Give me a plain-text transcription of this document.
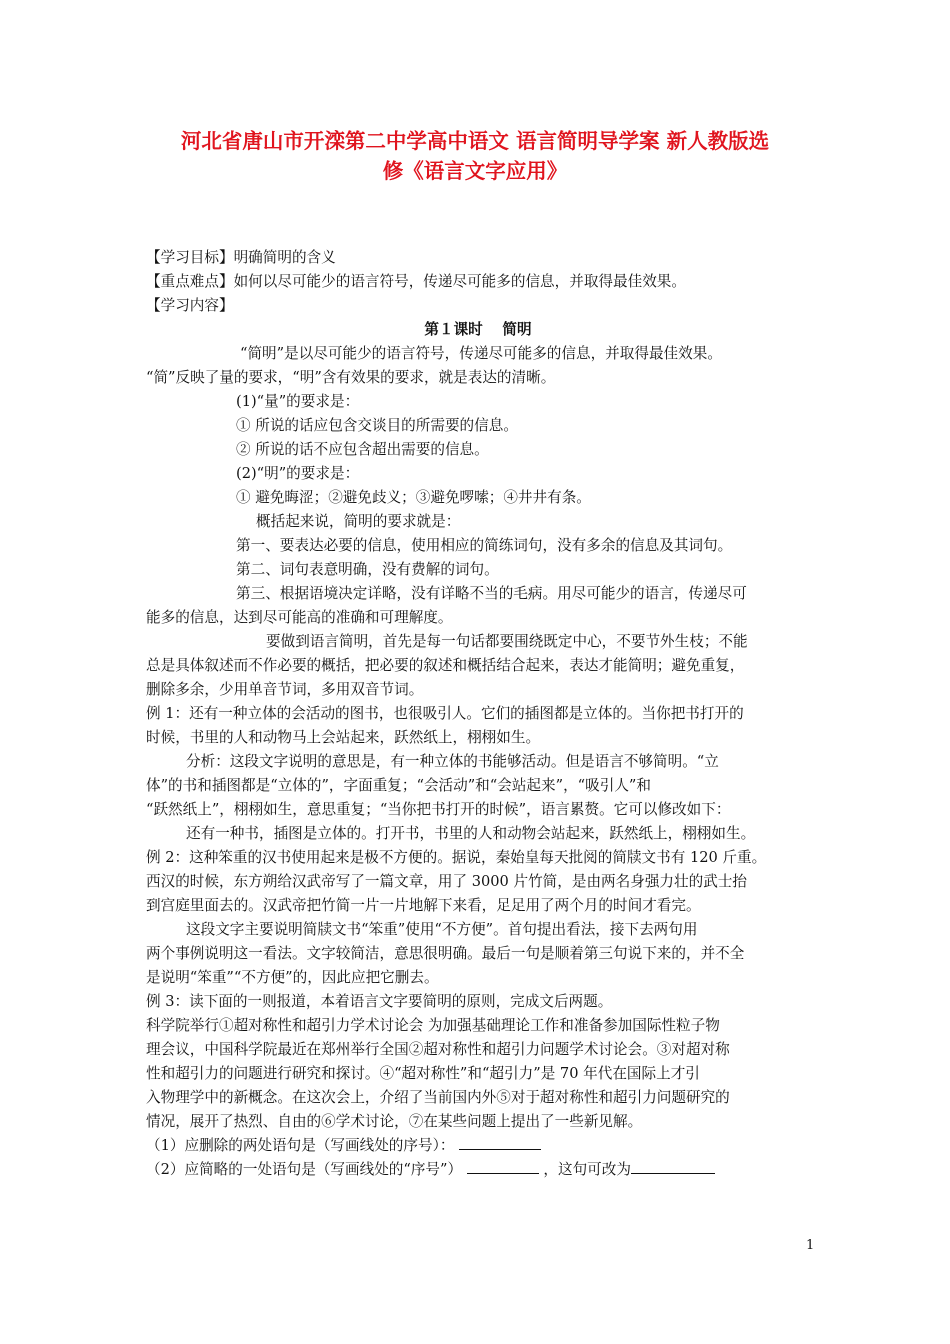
河北省唐山市开滦第二中学高中语文 语言简明导学案 新人教版选
修《语言文字应用》

【学习目标】明确简明的含义

【重点难点】如何以尽可能少的语言符号，传递尽可能多的信息，并取得最佳效果。

【学习内容】

第１课时　 简明

“简明”是以尽可能少的语言符号，传递尽可能多的信息，并取得最佳效果。

“简”反映了量的要求，“明”含有效果的要求，就是表达的清晰。

(1)“量”的要求是：

① 所说的话应包含交谈目的所需要的信息。

② 所说的话不应包含超出需要的信息。

(2)“明”的要求是：

① 避免晦涩；②避免歧义；③避免啰嗦；④井井有条。

概括起来说，简明的要求就是：

第一、要表达必要的信息，使用相应的简练词句，没有多余的信息及其词句。

第二、词句表意明确，没有费解的词句。

第三、根据语境决定详略，没有详略不当的毛病。用尽可能少的语言，传递尽可

能多的信息，达到尽可能高的准确和可理解度。

要做到语言简明，首先是每一句话都要围绕既定中心，不要节外生枝；不能

总是具体叙述而不作必要的概括，把必要的叙述和概括结合起来，表达才能简明；避免重复，

删除多余，少用单音节词，多用双音节词。

例 1：还有一种立体的会活动的图书，也很吸引人。它们的插图都是立体的。当你把书打开的

时候，书里的人和动物马上会站起来，跃然纸上，栩栩如生。

分析：这段文字说明的意思是，有一种立体的书能够活动。但是语言不够简明。“立

体”的书和插图都是“立体的”，字面重复；“会活动”和“会站起来”，“吸引人”和

“跃然纸上”，栩栩如生，意思重复；“当你把书打开的时候”，语言累赘。它可以修改如下：

还有一种书，插图是立体的。打开书，书里的人和动物会站起来，跃然纸上，栩栩如生。

例 2：这种笨重的汉书使用起来是极不方便的。据说，秦始皇每天批阅的简牍文书有 120 斤重。

西汉的时候，东方朔给汉武帝写了一篇文章，用了 3000 片竹简，是由两名身强力壮的武士抬

到宫庭里面去的。汉武帝把竹简一片一片地解下来看，足足用了两个月的时间才看完。

这段文字主要说明简牍文书“笨重”使用“不方便”。首句提出看法，接下去两句用

两个事例说明这一看法。文字较简洁，意思很明确。最后一句是顺着第三句说下来的，并不全

是说明“笨重”“不方便”的，因此应把它删去。

例 3：读下面的一则报道，本着语言文字要简明的原则，完成文后两题。

科学院举行①超对称性和超引力学术讨论会 为加强基础理论工作和准备参加国际性粒子物

理会议，中国科学院最近在郑州举行全国②超对称性和超引力问题学术讨论会。③对超对称

性和超引力的问题进行研究和探讨。④“超对称性”和“超引力”是 70 年代在国际上才引

入物理学中的新概念。在这次会上，介绍了当前国内外⑤对于超对称性和超引力问题研究的

情况，展开了热烈、自由的⑥学术讨论，⑦在某些问题上提出了一些新见解。

（1）应删除的两处语句是（写画线处的序号）：

（2）应简略的一处语句是（写画线处的“序号”）	，这句可改为

1
